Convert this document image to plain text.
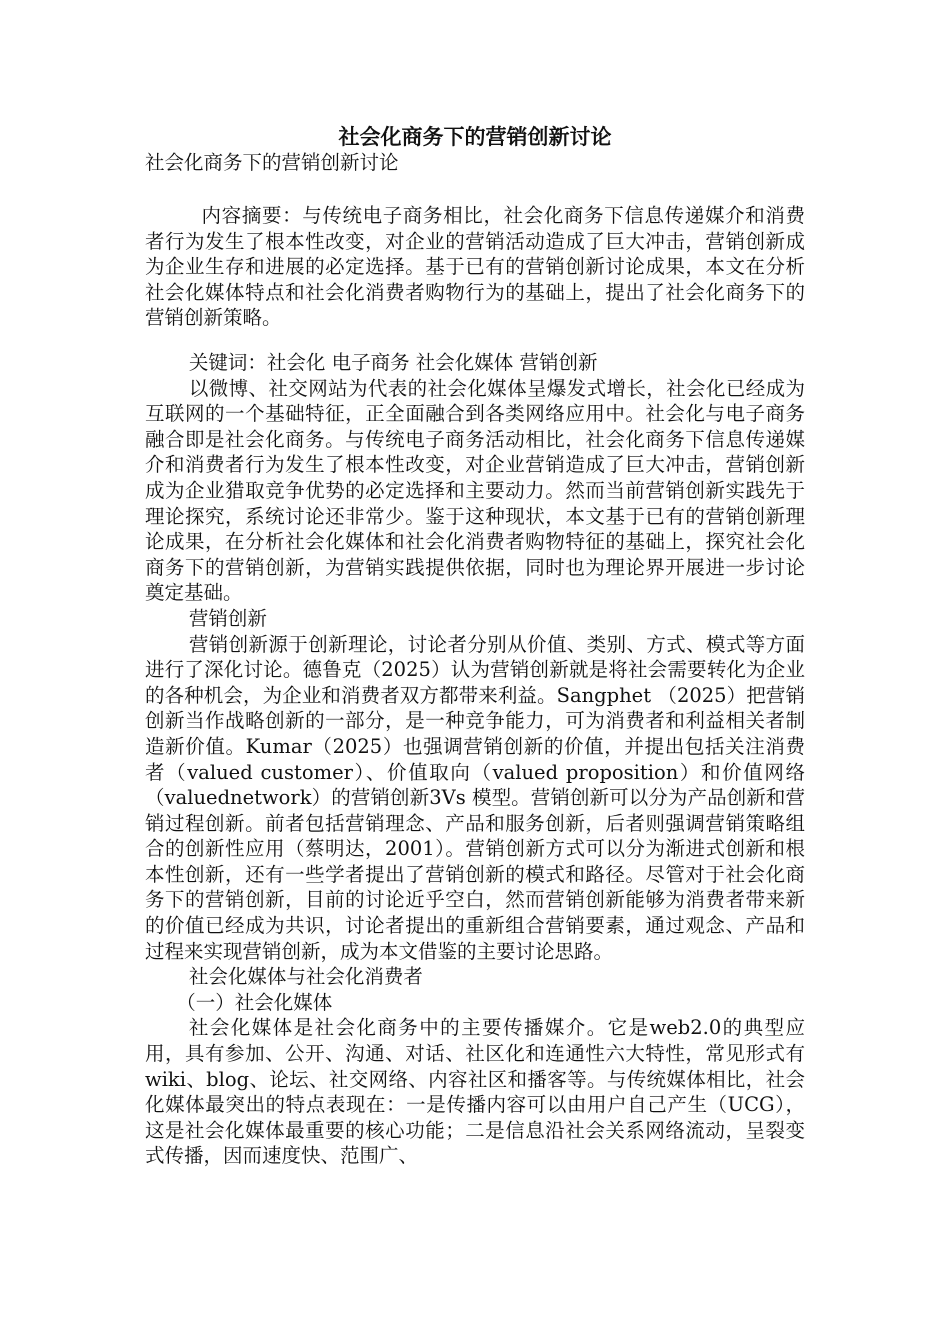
社会化商务下的营销创新讨论
社会化商务下的营销创新讨论

内容摘要：与传统电子商务相比，社会化商务下信息传递媒介和消费者行为发生了根本性改变，对企业的营销活动造成了巨大冲击，营销创新成为企业生存和进展的必定选择。基于已有的营销创新讨论成果，本文在分析社会化媒体特点和社会化消费者购物行为的基础上，提出了社会化商务下的营销创新策略。

关键词：社会化 电子商务 社会化媒体 营销创新

以微博、社交网站为代表的社会化媒体呈爆发式增长，社会化已经成为互联网的一个基础特征，正全面融合到各类网络应用中。社会化与电子商务融合即是社会化商务。与传统电子商务活动相比，社会化商务下信息传递媒介和消费者行为发生了根本性改变，对企业营销造成了巨大冲击，营销创新成为企业猎取竞争优势的必定选择和主要动力。然而当前营销创新实践先于理论探究，系统讨论还非常少。鉴于这种现状，本文基于已有的营销创新理论成果，在分析社会化媒体和社会化消费者购物特征的基础上，探究社会化商务下的营销创新，为营销实践提供依据，同时也为理论界开展进一步讨论奠定基础。

营销创新

营销创新源于创新理论，讨论者分别从价值、类别、方式、模式等方面进行了深化讨论。德鲁克（2025）认为营销创新就是将社会需要转化为企业的各种机会，为企业和消费者双方都带来利益。Sangphet （2025）把营销创新当作战略创新的一部分，是一种竞争能力，可为消费者和利益相关者制造新价值。Kumar（2025）也强调营销创新的价值，并提出包括关注消费者（valued customer）、价值取向（valued proposition）和价值网络（valuednetwork）的营销创新3Vs 模型。营销创新可以分为产品创新和营销过程创新。前者包括营销理念、产品和服务创新，后者则强调营销策略组合的创新性应用（蔡明达，2001）。营销创新方式可以分为渐进式创新和根本性创新，还有一些学者提出了营销创新的模式和路径。尽管对于社会化商务下的营销创新，目前的讨论近乎空白，然而营销创新能够为消费者带来新的价值已经成为共识，讨论者提出的重新组合营销要素，通过观念、产品和过程来实现营销创新，成为本文借鉴的主要讨论思路。

社会化媒体与社会化消费者

（一）社会化媒体

社会化媒体是社会化商务中的主要传播媒介。它是web2.0的典型应用，具有参加、公开、沟通、对话、社区化和连通性六大特性，常见形式有wiki、blog、论坛、社交网络、内容社区和播客等。与传统媒体相比，社会化媒体最突出的特点表现在：一是传播内容可以由用户自己产生（UCG），这是社会化媒体最重要的核心功能；二是信息沿社会关系网络流动，呈裂变式传播，因而速度快、范围广、
